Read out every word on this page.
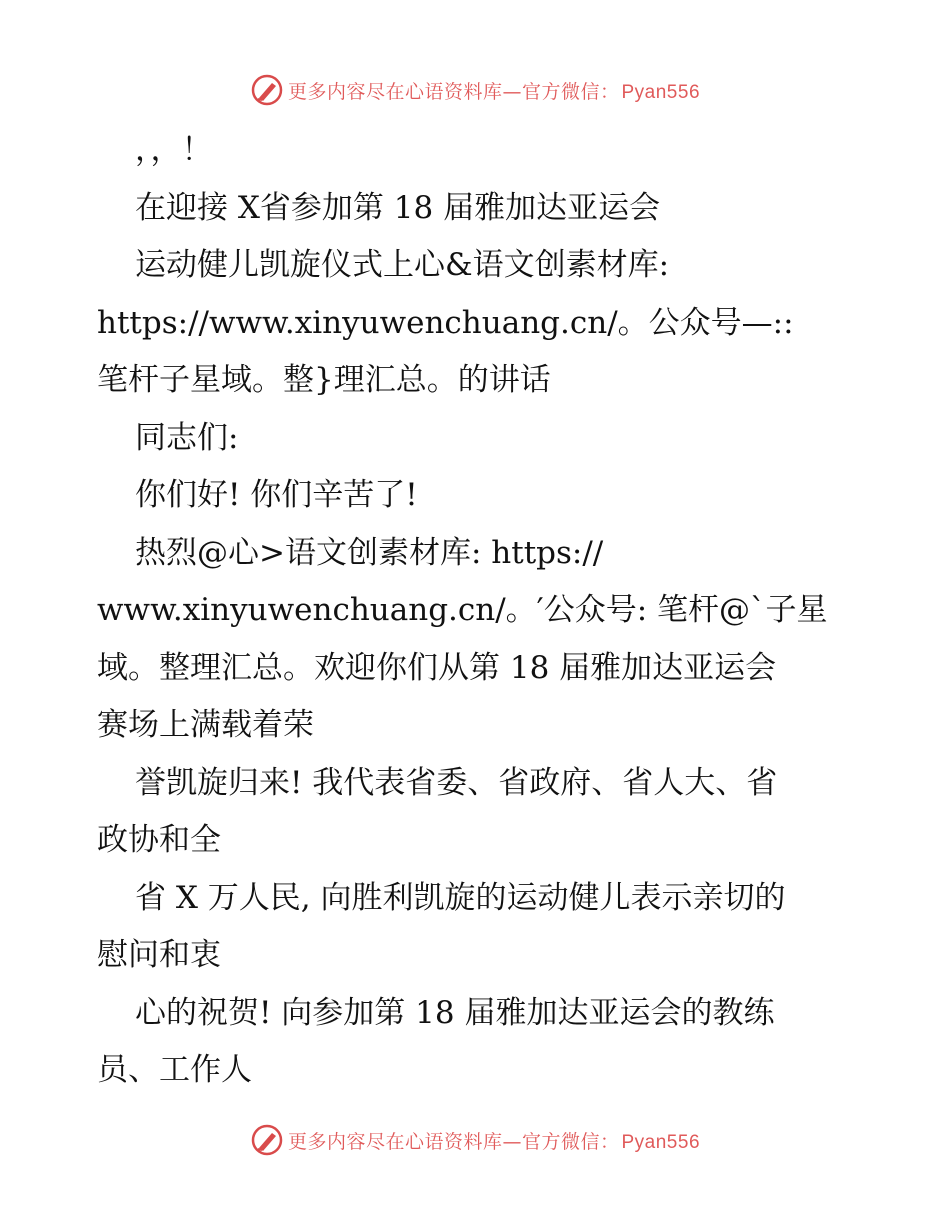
更多内容尽在心语资料库—官方微信： Pyan556
，，！
在迎接 X省参加第 18 届雅加达亚运会
运动健儿凯旋仪式上心&语文创素材库:
https://www.xinyuwenchuang.cn/。公众号—::
笔杆子星域。整}理汇总。的讲话
同志们:
你们好! 你们辛苦了!
热烈@心>语文创素材库: https://
www.xinyuwenchuang.cn/。′公众号: 笔杆@`子星
域。整理汇总。欢迎你们从第 18 届雅加达亚运会
赛场上满载着荣
誉凯旋归来! 我代表省委、省政府、省人大、省
政协和全
省 X 万人民, 向胜利凯旋的运动健儿表示亲切的
慰问和衷
心的祝贺! 向参加第 18 届雅加达亚运会的教练
员、工作人
更多内容尽在心语资料库—官方微信： Pyan556
